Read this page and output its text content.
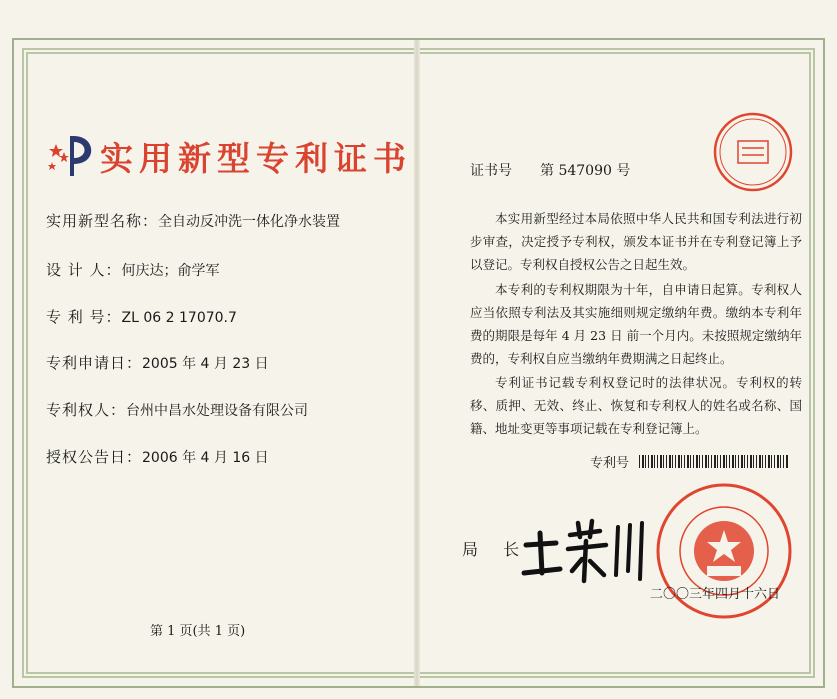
实用新型专利证书
实用新型名称：全自动反冲洗一体化净水装置
设 计 人：何庆达；俞学军
专 利 号：ZL 06 2 17070.7
专利申请日：2005 年 4 月 23 日
专利权人：台州中昌水处理设备有限公司
授权公告日：2006 年 4 月 16 日
第 1 页(共 1 页)
证书号 第 547090 号
本实用新型经过本局依照中华人民共和国专利法进行初步审查，决定授予专利权，颁发本证书并在专利登记簿上予以登记。专利权自授权公告之日起生效。
本专利的专利权期限为十年，自申请日起算。专利权人应当依照专利法及其实施细则规定缴纳年费。缴纳本专利年费的期限是每年 4 月 23 日 前一个月内。未按照规定缴纳年费的，专利权自应当缴纳年费期满之日起终止。
专利证书记载专利权登记时的法律状况。专利权的转移、质押、无效、终止、恢复和专利权人的姓名或名称、国籍、地址变更等事项记载在专利登记簿上。
专利号
局 长
二〇〇三年四月十六日
